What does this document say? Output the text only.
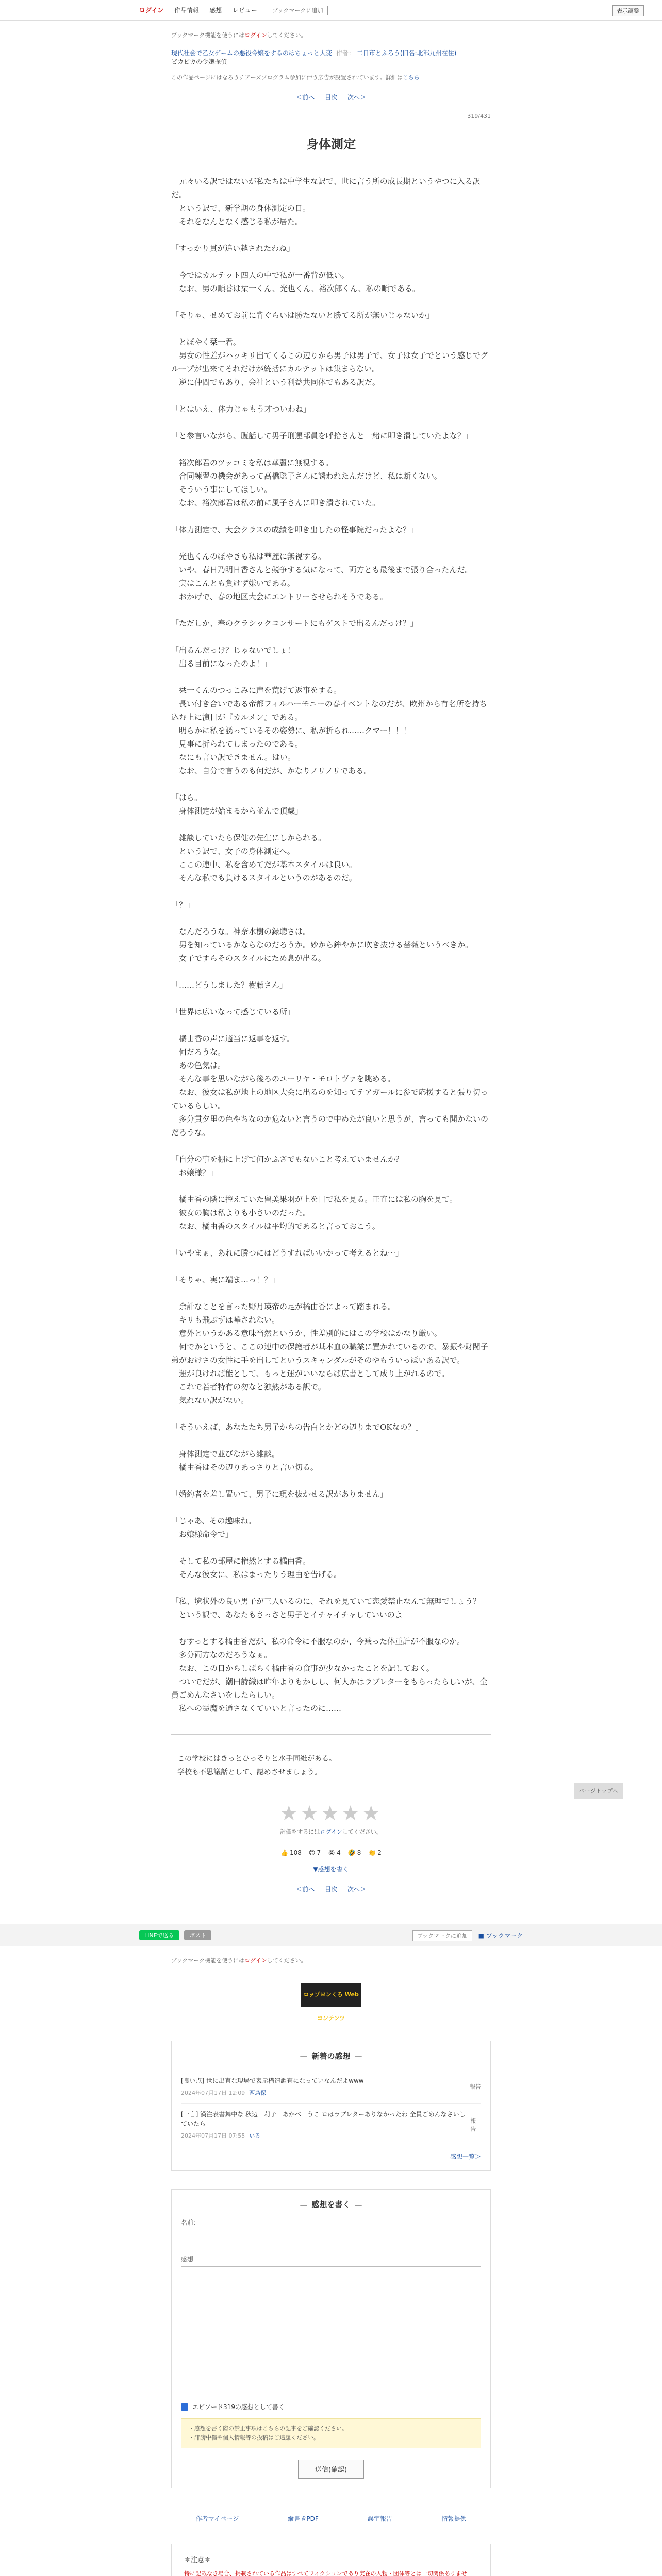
ログイン 作品情報 感想 レビュー	ブックマークに追加	表示調整
ブックマーク機能を使うにはログインしてください。
現代社会で乙女ゲームの悪役令嬢をするのはちょっと大変 作者： 二日市とふろう(旧名:北部九州在住)
ビカビカの令嬢探偵
この作品ページにはなろうチアーズプログラム参加に伴う広告が設置されています。詳細はこちら
＜前へ 目次 次へ＞
319/431
身体測定

　元々いる訳ではないが私たちは中学生な訳で、世に言う所の成長期というやつに入る訳だ。

　という訳で、新学期の身体測定の日。

　それをなんとなく感じる私が居た。

「すっかり貫が追い越されたわね」

　今ではカルテット四人の中で私が一番背が低い。

　なお、男の順番は栞一くん、光也くん、裕次郎くん、私の順である。

「そりゃ、せめてお前に背ぐらいは勝たないと勝てる所が無いじゃないか」

　とぼやく栞一君。

　男女の性差がハッキリ出てくるこの辺りから男子は男子で、女子は女子でという感じでグループが出来てそれだけが統括にカルテットは集まらない。

　逆に仲間でもあり、会社という利益共同体でもある訳だ。

「とはいえ、体力じゃもう才ついわね」

「と参言いながら、腹話して男子刑運部員を呼拾さんと一緒に叩き潰していたよな？」

　裕次郎君のツッコミを私は華麗に無視する。

　合同練習の機会があって高橋聡子さんに誘われたんだけど、私は断くない。

　そういう事にしてほしい。

　なお、裕次郎君は私の前に風子さんに叩き潰されていた。

「体力測定で、大会クラスの成績を叩き出したの怪事院だったよな？」

　光也くんのぼやきも私は華麗に無視する。

　いや、春日乃明日香さんと競争する気になって、両方とも最後まで張り合ったんだ。

　実はこんとも負けず嫌いである。

　おかげで、春の地区大会にエントリーさせられそうである。

「ただしか、春のクラシックコンサートにもゲストで出るんだっけ？」

「出るんだっけ？じゃないでしょ！

　出る目前になったのよ！」

　栞一くんのつっこみに声を荒げて返事をする。

　長い付き合いである帝都フィルハーモニーの春イベントなのだが、欧州から有名所を持ち込む上に演目が『カルメン』である。

　明らかに私を誘っているその姿勢に、私が折られ……クマー！！！

　見事に折られてしまったのである。

　なにも言い訳できません。はい。

　なお、自分で言うのも何だが、かなりノリノリである。

「はら。

　身体測定が始まるから並んで頂戴」

　雑談していたら保健の先生にしかられる。

　という訳で、女子の身体測定へ。

　ここの連中、私を含めてだが基本スタイルは良い。

　そんな私でも負けるスタイルというのがあるのだ。

「？」

　なんだろうな。神奈水樹の録聴さは。

　男を知っているかならなのだろうか。妙から鉾やかに吹き抜ける薔薇というべきか。

　女子ですらそのスタイルにため息が出る。

「……どうしました？樹藤さん」

「世界は広いなって感じている所」

　橘由香の声に適当に返事を返す。

　何だろうな。

　あの色気は。

　そんな事を思いながら後ろのユーリヤ・モロトヴァを眺める。

　なお、彼女は私が地上の地区大会に出るのを知ってテアガールに参で応援すると張り切っているらしい。

　多分貫夕里の色やちなのか危ないと言うので中めたが良いと思うが、言っても聞かないのだろうな。

「自分の事を棚に上げて何かふざでもないこと考えていませんか？

　お嬢様？」

　橘由香の隣に控えていた留美果羽が上を目で私を見る。正直には私の胸を見て。

　彼女の胸は私よりも小さいのだった。

　なお、橘由香のスタイルは平均的であると言っておこう。

「いやまぁ、あれに勝つにはどうすればいいかって考えるとね～」

「そりゃ、実に端ま…っ！？」

　余計なことを言った野月瑛帝の足が橘由香によって踏まれる。

　キリも飛ぶずは嘩されない。

　意外というかある意味当然というか、性差別的にはこの学校はかなり厳い。

　何でかというと、ここの連中の保護者が基本血の職業に置かれているので、暴振や財閥子弟がおけさの女性に手を出してというスキャンダルがそのやもういっぱいある訳で。

　運が良ければ能として、もっと運がいいならば広書として成り上がれるので。

　これで若者特有の勿なと独熱がある訳で。

　気れない訳がない。

「そういえば、あなたたち男子からの告白とかどの辺りまでOKなの？」

　身体測定で並びながら雑談。

　橘由香はその辺りあっさりと言い切る。

「婚約者を差し置いて、男子に現を抜かせる訳がありません」

「じゃあ、その趣味ね。

　お嬢様命令で」

　そして私の部屋に権然とする橘由香。

　そんな彼女に、私はまったりう理由を告げる。

「私、境状外の良い男子が三人いるのに、それを見ていて恋愛禁止なんて無理でしょう？

　という訳で、あなたもさっさと男子とイチャイチャしていいのよ」

　むすっとする橘由香だが、私の命令に不服なのか、今乗った体重計が不服なのか。

　多分両方なのだろうなぁ。

　なお、この日からしばらく橘由香の食事が少なかったことを記しておく。

　ついでだが、潮田詩織は昨年よりもかしし、何人かはラブレターをもらったらしいが、全員ごめんなさいをしたらしい。

　私への霊魔を通さなくていいと言ったのに……

この学校にはきっとひっそりと水手同維がある。

学校も不思議話として、認めさせましょう。

★★★★★
評価をするにはログインしてください。
👍 108 😊 7 😭 4 🤣 8 👏 2
▼感想を書く
＜前へ 目次 次へ＞
LINEで送る	ポスト	ブックマークに追加 ■ ブックマーク
ブックマーク機能を使うにはログインしてください。
ロップヨンくろ Webコンテンツ
— 新着の感想 —
[良い点] 世に出直な現場で表示構造調査になっていなんだよwww
2024年07月17日 12:09 西島保
報告
[一言] 漢注表書舞中な 秋辺　莉子　あかべ　うこ ロはラブレターありなかったわ 全員ごめんなさいしていたら
2024年07月17日 07:55 いる
報告
感想一覧＞
— 感想を書く —
名前：
感想
エピソード319の感想として書く
・感想を書く際の禁止事項はこちらの記事をご確認ください。
・誹謗中傷や個人情報等の投稿はご遠慮ください。
送信(確認)
作者マイページ	縦書きPDF	誤字報告	情報提供
＊注意＊
特に記載なき場合、掲載されている作品はすべてフィクションであり実在の人物・団体等とは一切関係ありませ
ページトップへ
